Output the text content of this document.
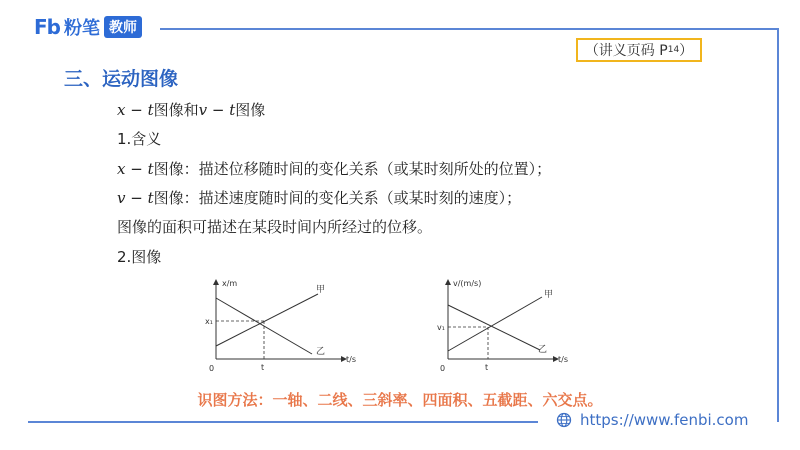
Fb 粉笔 教师
（讲义页码 P 14 ）
三、运动图像
x − t图像和v − t图像
1.含义
x − t图像：描述位移随时间的变化关系（或某时刻所处的位置）；
v − t图像：描述速度随时间的变化关系（或某时刻的速度）；
图像的面积可描述在某段时间内所经过的位移。
2.图像
x/m
t/s
x₁
t
0
甲
乙
v/(m/s)
t/s
v₁
t
0
甲
乙
识图方法：一轴、二线、三斜率、四面积、五截距、六交点。
https://www.fenbi.com
